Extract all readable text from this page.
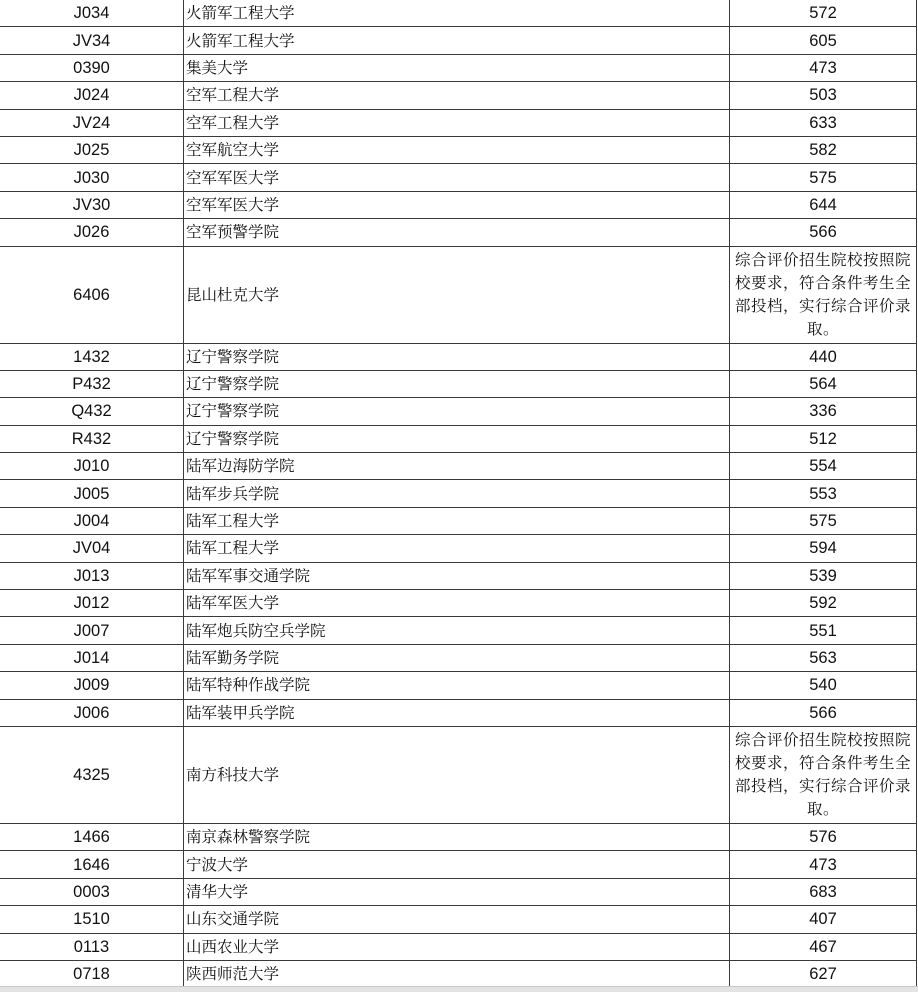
J034	火箭军工程大学	572
JV34	火箭军工程大学	605
0390	集美大学	473
J024	空军工程大学	503
JV24	空军工程大学	633
J025	空军航空大学	582
J030	空军军医大学	575
JV30	空军军医大学	644
J026	空军预警学院	566
6406	昆山杜克大学	综合评价招生院校按照院校要求，符合条件考生全部投档，实行综合评价录取。
1432	辽宁警察学院	440
P432	辽宁警察学院	564
Q432	辽宁警察学院	336
R432	辽宁警察学院	512
J010	陆军边海防学院	554
J005	陆军步兵学院	553
J004	陆军工程大学	575
JV04	陆军工程大学	594
J013	陆军军事交通学院	539
J012	陆军军医大学	592
J007	陆军炮兵防空兵学院	551
J014	陆军勤务学院	563
J009	陆军特种作战学院	540
J006	陆军装甲兵学院	566
4325	南方科技大学	综合评价招生院校按照院校要求，符合条件考生全部投档，实行综合评价录取。
1466	南京森林警察学院	576
1646	宁波大学	473
0003	清华大学	683
1510	山东交通学院	407
0113	山西农业大学	467
0718	陕西师范大学	627
